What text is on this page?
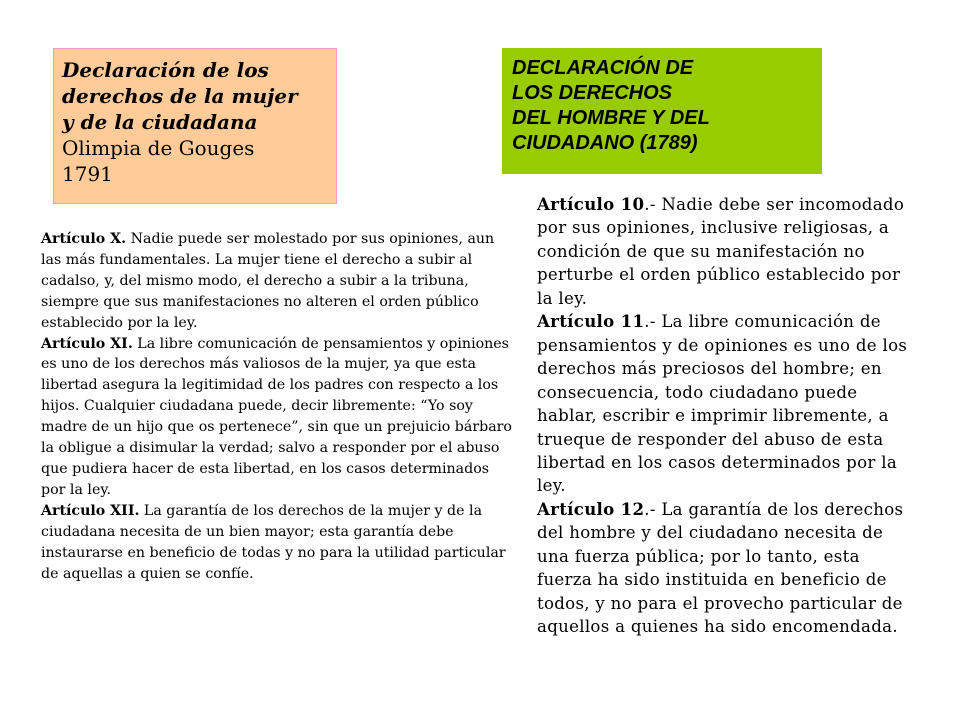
Declaración de los
derechos de la mujer
y de la ciudadana
Olimpia de Gouges
1791
DECLARACIÓN DE
LOS DERECHOS
DEL HOMBRE Y DEL
CIUDADANO (1789)

Artículo X. Nadie puede ser molestado por sus opiniones, aun las más fundamentales. La mujer tiene el derecho a subir al cadalso, y, del mismo modo, el derecho a subir a la tribuna, siempre que sus manifestaciones no alteren el orden público establecido por la ley.

Artículo XI. La libre comunicación de pensamientos y opiniones es uno de los derechos más valiosos de la mujer, ya que esta libertad asegura la legitimidad de los padres con respecto a los hijos. Cualquier ciudadana puede, decir libremente: “Yo soy madre de un hijo que os pertenece”, sin que un prejuicio bárbaro la obligue a disimular la verdad; salvo a responder por el abuso que pudiera hacer de esta libertad, en los casos determinados por la ley.

Artículo XII. La garantía de los derechos de la mujer y de la ciudadana necesita de un bien mayor; esta garantía debe instaurarse en beneficio de todas y no para la utilidad particular de aquellas a quien se confíe.

Artículo 10.- Nadie debe ser incomodado por sus opiniones, inclusive religiosas, a condición de que su manifestación no perturbe el orden público establecido por la ley.

Artículo 11.- La libre comunicación de pensamientos y de opiniones es uno de los derechos más preciosos del hombre; en consecuencia, todo ciudadano puede hablar, escribir e imprimir libremente, a trueque de responder del abuso de esta libertad en los casos determinados por la ley.

Artículo 12.- La garantía de los derechos del hombre y del ciudadano necesita de una fuerza pública; por lo tanto, esta fuerza ha sido instituida en beneficio de todos, y no para el provecho particular de aquellos a quienes ha sido encomendada.
